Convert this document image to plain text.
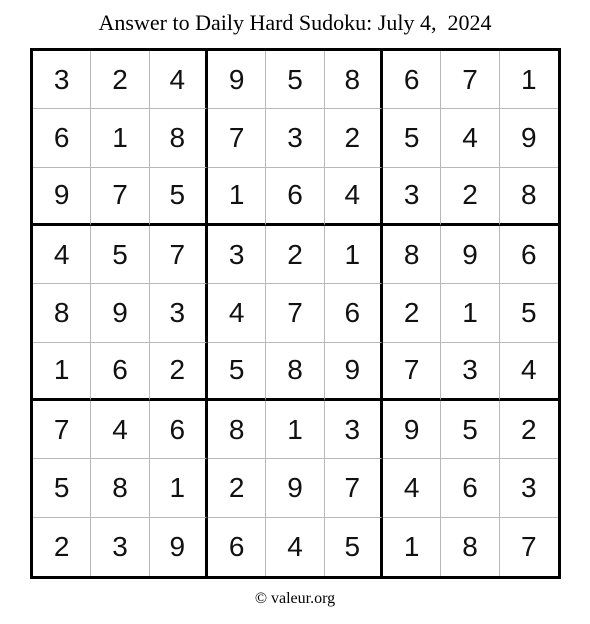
Answer to Daily Hard Sudoku: July 4,  2024
3	2	4	9	5	8	6	7	1
6	1	8	7	3	2	5	4	9
9	7	5	1	6	4	3	2	8
4	5	7	3	2	1	8	9	6
8	9	3	4	7	6	2	1	5
1	6	2	5	8	9	7	3	4
7	4	6	8	1	3	9	5	2
5	8	1	2	9	7	4	6	3
2	3	9	6	4	5	1	8	7
© valeur.org
